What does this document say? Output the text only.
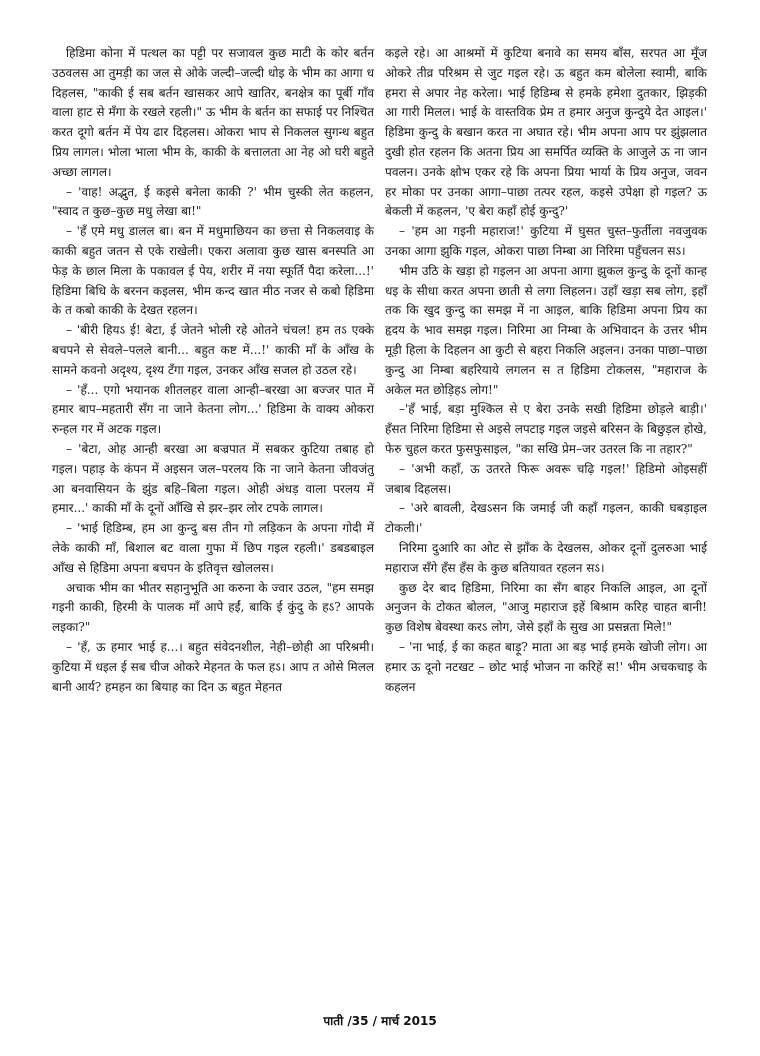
हिडिमा कोना में पत्थल का पट्टी पर सजावल कुछ माटी के कोर बर्तन उठवलस आ तुमड़ी का जल से ओके जल्दी–जल्दी धोइ के भीम का आगा ध दिहलस, "काकी ई सब बर्तन खासकर आपे खातिर, बनक्षेत्र का पूर्बी गाँव वाला हाट से मँगा के रखले रहली।" ऊ भीम के बर्तन का सफाई पर निश्चित करत दूगो बर्तन में पेय ढार दिहलस। ओकरा भाप से निकलल सुगन्ध बहुत प्रिय लागल। भोला भाला भीम के, काकी के बत्तालता आ नेह ओ घरी बहुते अच्छा लागल।

– 'वाह! अद्भुत, ई कइसे बनेला काकी ?' भीम चुस्की लेत कहलन, "स्वाद त कुछ–कुछ मधु लेखा बा!"

– 'हँ एमे मधु डालल बा। बन में मधुमाछियन का छत्ता से निकलवाइ के काकी बहुत जतन से एके राखेली। एकरा अलावा कुछ खास बनस्पति आ फेड़ के छाल मिला के पकावल ई पेय, शरीर में नया स्फूर्ति पैदा करेला...!' हिडिमा बिधि के बरनन कइलस, भीम कन्द खात मीठ नजर से कबो हिडिमा के त कबो काकी के देखत रहलन।

– 'बीरी हियऽ ई! बेटा, ई जेतने भोली रहे ओतने चंचल! हम तऽ एक्के बचपने से सेवले–पलले बानी... बहुत कष्ट में...!' काकी माँ के आँख के सामने कवनो अदृश्य, दृश्य टँगा गइल, उनकर आँख सजल हो उठल रहे।

– 'हँ... एगो भयानक शीतलहर वाला आन्ही–बरखा आ बज्जर पात में हमार बाप–महतारी सँग ना जाने केतना लोग...' हिडिमा के वाक्य ओकरा रुन्हल गर में अटक गइल।

– 'बेटा, ओह आन्ही बरखा आ बज्रपात में सबकर कुटिया तबाह हो गइल। पहाड़ के कंपन में अइसन जल–परलय कि ना जाने केतना जीवजंतु आ बनवासियन के झुंड बहि–बिला गइल। ओही अंधड़ वाला परलय में हमार...' काकी माँ के दूनों आँखि से झर–झर लोर टपके लागल।

– 'भाई हिडिम्ब, हम आ कुन्दु बस तीन गो लड़िकन के अपना गोदी में लेके काकी माँ, बिशाल बट वाला गुफा में छिप गइल रहली।' डबडबाइल आँख से हिडिमा अपना बचपन के इतिवृत्त खोललस।

अचाक भीम का भीतर सहानुभूति आ करुना के ज्वार उठल, "हम समझ गइनी काकी, हिरमी के पालक माँ आपे हईं, बाकि ई कुंदु के हऽ? आपके लइका?"

– 'हँ, ऊ हमार भाई ह...। बहुत संवेदनशील, नेही–छोही आ परिश्रमी। कुटिया में धइल ई सब चीज ओकरे मेहनत के फल हऽ। आप त ओसे मिलल बानी आर्य? हमहन का बियाह का दिन ऊ बहुत मेहनत

कइले रहे। आ आश्रमों में कुटिया बनावे का समय बाँस, सरपत आ मूँज ओकरे तीव्र परिश्रम से जुट गइल रहे। ऊ बहुत कम बोलेला स्वामी, बाकि हमरा से अपार नेह करेला। भाई हिडिम्ब से हमके हमेशा दुतकार, झिड़की आ गारी मिलल। भाई के वास्तविक प्रेम त हमार अनुज कुन्दुये देत आइल।' हिडिमा कुन्दु के बखान करत ना अघात रहे। भीम अपना आप पर झुंझलात दुखी होत रहलन कि अतना प्रिय आ समर्पित व्यक्ति के आजुले ऊ ना जान पवलन। उनके क्षोभ एकर रहे कि अपना प्रिया भार्या के प्रिय अनुज, जवन हर मोका पर उनका आगा–पाछा तत्पर रहल, कइसे उपेक्षा हो गइल? ऊ बेकली में कहलन, 'ए बेरा कहाँ होई कुन्दु?'

– 'हम आ गइनी महाराज!' कुटिया में घुसत चुस्त–फुर्तीला नवजुवक उनका आगा झुकि गइल, ओकरा पाछा निम्बा आ निरिमा पहुँचलन सऽ।

भीम उठि के खड़ा हो गइलन आ अपना आगा झुकल कुन्दु के दूनों कान्ह धइ के सीधा करत अपना छाती से लगा लिहलन। उहाँ खड़ा सब लोग, इहाँ तक कि खुद कुन्दु का समझ में ना आइल, बाकि हिडिमा अपना प्रिय का हृदय के भाव समझ गइल। निरिमा आ निम्बा के अभिवादन के उत्तर भीम मूड़ी हिला के दिहलन आ कुटी से बहरा निकलि अइलन। उनका पाछा–पाछा कुन्दु आ निम्बा बहरियाये लगलन स त हिडिमा टोकलस, "महाराज के अकेल मत छोड़िहऽ लोग!"

–'हँ भाई, बड़ा मुश्किल से ए बेरा उनके सखी हिडिमा छोड़ले बाड़ी।' हँसत निरिमा हिडिमा से अइसे लपटाइ गइल जइसे बरिसन के बिछुड़ल होखे, फेरु चुहल करत फुसफुसाइल, "का सखि प्रेम–जर उतरल कि ना तहार?"

– 'अभी कहाँ, ऊ उतरते फिरू अवरू चढ़ि गइल!' हिडिमो ओइसहीं जबाब दिहलस।

– 'अरे बावली, देखऽसन कि जमाई जी कहाँ गइलन, काकी घबड़ाइल टोकली।'

निरिमा दुआरि का ओट से झाँक के देखलस, ओकर दूनों दुलरुआ भाई महाराज सँगे हँस हँस के कुछ बतियावत रहलन सऽ।

कुछ देर बाद हिडिमा, निरिमा का सँग बाहर निकलि आइल, आ दूनों अनुजन के टोकत बोलल, "आजु महाराज इहें बिश्राम करिह चाहत बानी! कुछ विशेष बेवस्था करऽ लोग, जेसे इहाँ के सुख आ प्रसन्नता मिले!"

– 'ना भाई, ई का कहत बाड़ू? माता आ बड़ भाई हमके खोजी लोग। आ हमार ऊ दूनो नटखट – छोट भाई भोजन ना करिहें स!' भीम अचकचाइ के कहलन

पाती /35 / मार्च 2015
